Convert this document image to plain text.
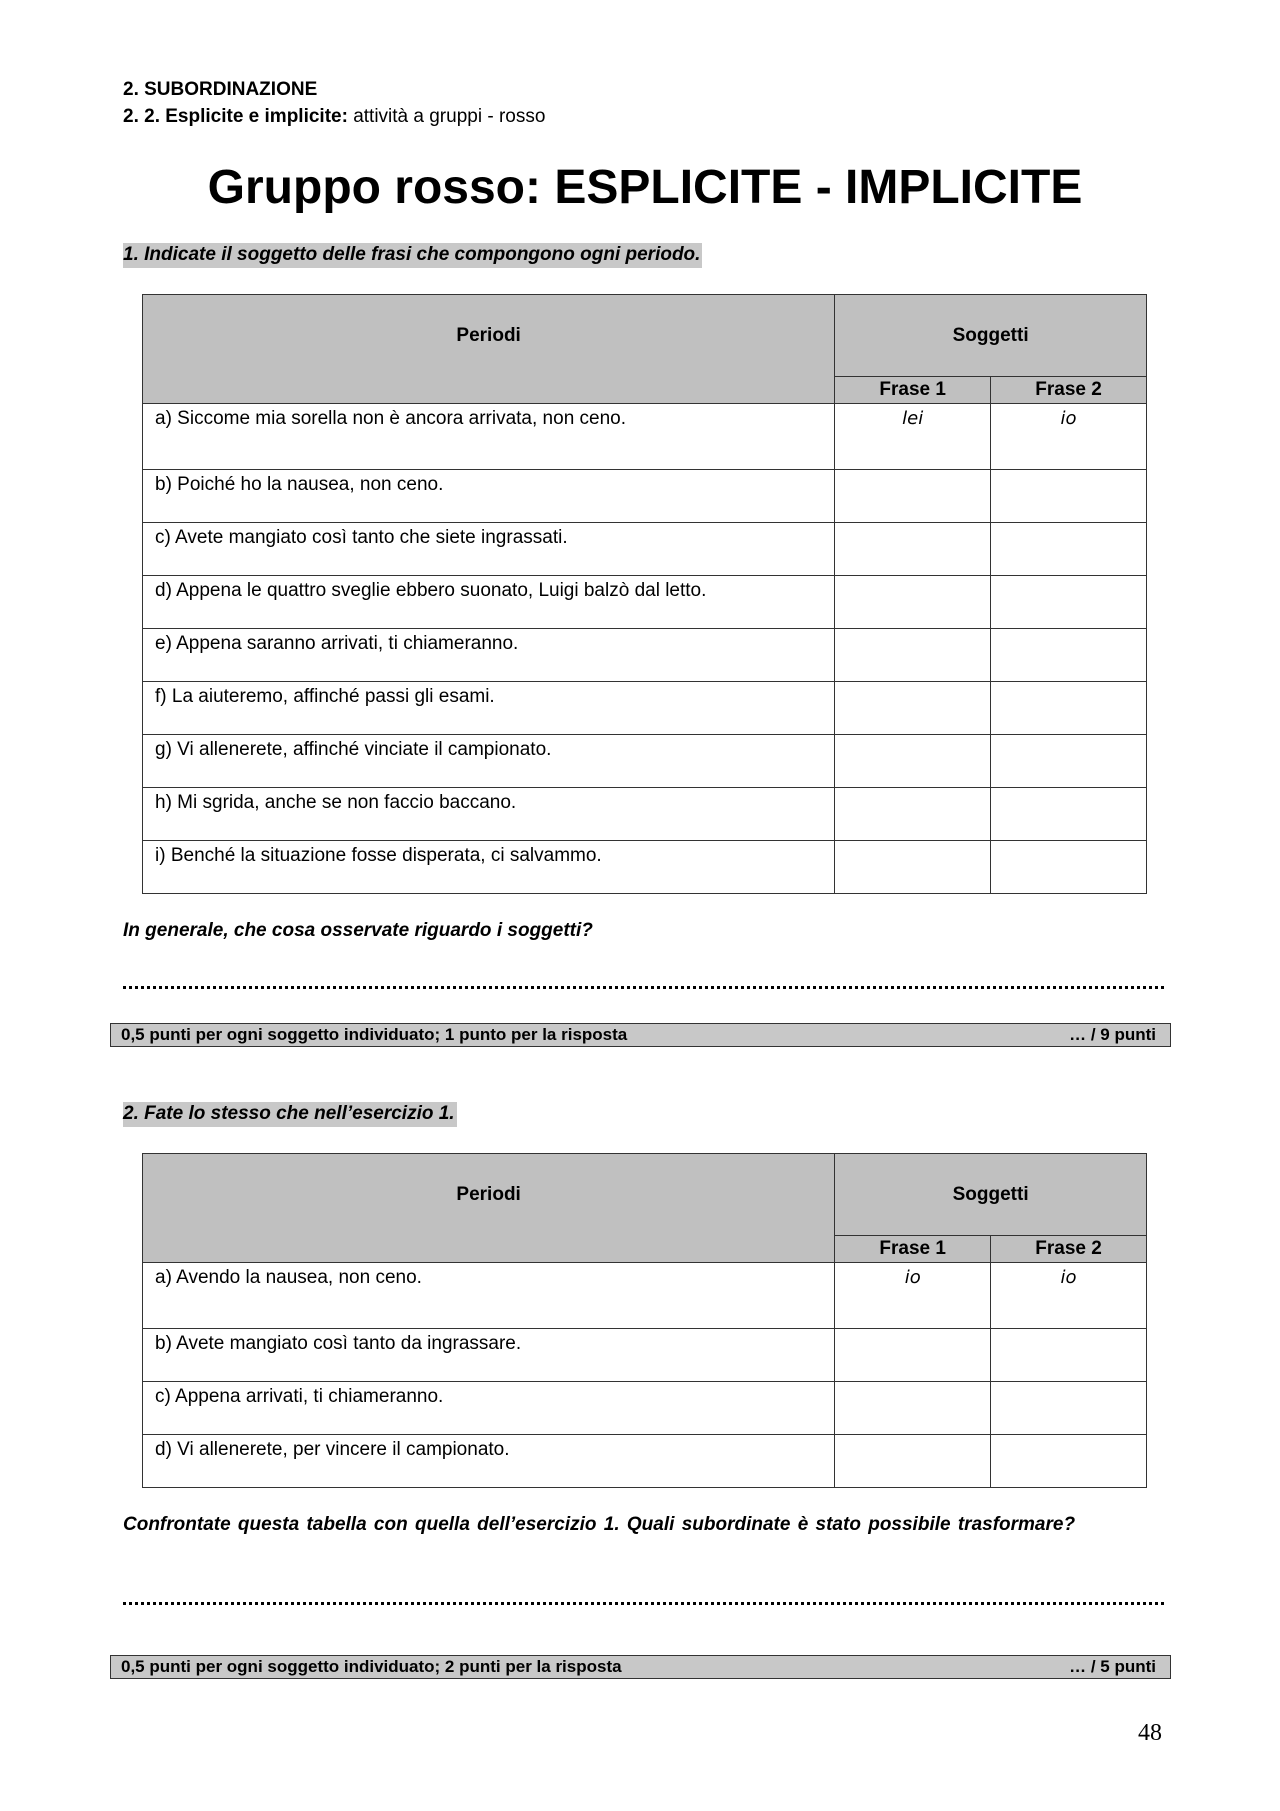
2. SUBORDINAZIONE
2. 2. Esplicite e implicite: attività a gruppi - rosso
Gruppo rosso: ESPLICITE - IMPLICITE
1. Indicate il soggetto delle frasi che compongono ogni periodo.
Periodi	Soggetti	
	Frase 1	Frase 2
a) Siccome mia sorella non è ancora arrivata, non ceno.	lei	io
b) Poiché ho la nausea, non ceno.		
c) Avete mangiato così tanto che siete ingrassati.		
d) Appena le quattro sveglie ebbero suonato, Luigi balzò dal letto.		
e) Appena saranno arrivati, ti chiameranno.		
f) La aiuteremo, affinché passi gli esami.		
g) Vi allenerete, affinché vinciate il campionato.		
h) Mi sgrida, anche se non faccio baccano.		
i) Benché la situazione fosse disperata, ci salvammo.		
In generale, che cosa osservate riguardo i soggetti?
0,5 punti per ogni soggetto individuato; 1 punto per la risposta	… / 9 punti
2. Fate lo stesso che nell’esercizio 1.
Periodi	Soggetti	
	Frase 1	Frase 2
a) Avendo la nausea, non ceno.	io	io
b) Avete mangiato così tanto da ingrassare.		
c) Appena arrivati, ti chiameranno.		
d) Vi allenerete, per vincere il campionato.		
Confrontate questa tabella con quella dell’esercizio 1. Quali subordinate è stato possibile trasformare?
0,5 punti per ogni soggetto individuato; 2 punti per la risposta	… / 5 punti
48
